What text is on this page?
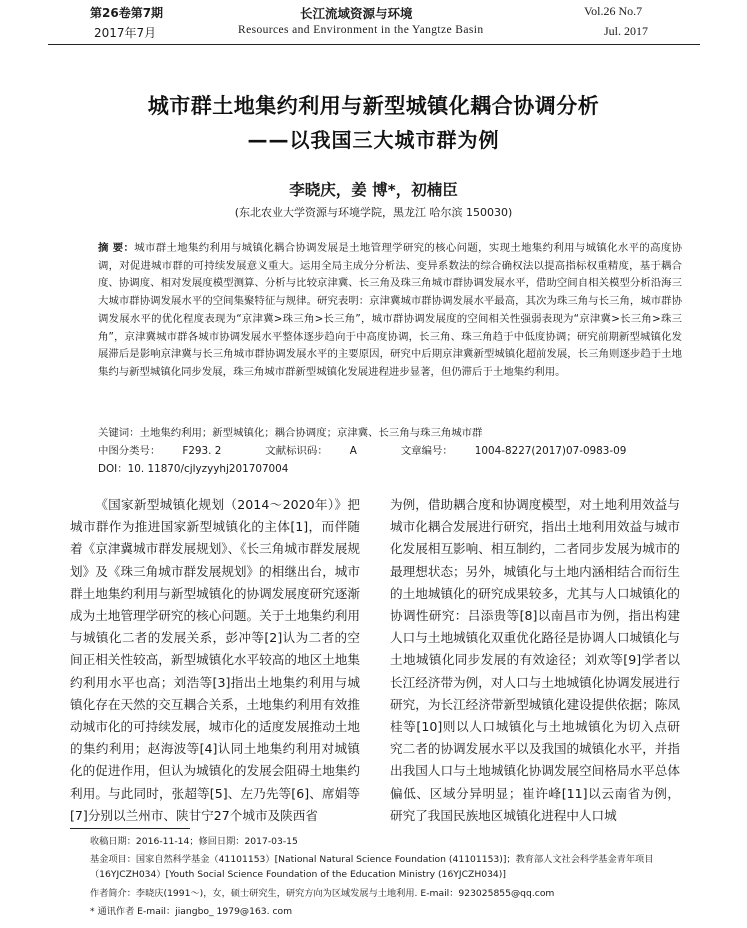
第26卷第7期
2017年7月
长江流域资源与环境
Resources and Environment in the Yangtze Basin
Vol.26 No.7
Jul. 2017
城市群土地集约利用与新型城镇化耦合协调分析
——以我国三大城市群为例
李晓庆，姜 博*，初楠臣
(东北农业大学资源与环境学院，黑龙江 哈尔滨 150030)
摘 要：城市群土地集约利用与城镇化耦合协调发展是土地管理学研究的核心问题，实现土地集约利用与城镇化水平的高度协调，对促进城市群的可持续发展意义重大。运用全局主成分分析法、变异系数法的综合确权法以提高指标权重精度，基于耦合度、协调度、相对发展度模型测算、分析与比较京津冀、长三角及珠三角城市群协调发展水平，借助空间自相关模型分析沿海三大城市群协调发展水平的空间集聚特征与规律。研究表明：京津冀城市群协调发展水平最高，其次为珠三角与长三角，城市群协调发展水平的优化程度表现为“京津冀>珠三角>长三角”，城市群协调发展度的空间相关性强弱表现为“京津冀>长三角>珠三角”，京津冀城市群各城市协调发展水平整体逐步趋向于中高度协调，长三角、珠三角趋于中低度协调；研究前期新型城镇化发展滞后是影响京津冀与长三角城市群协调发展水平的主要原因，研究中后期京津冀新型城镇化超前发展，长三角则逐步趋于土地集约与新型城镇化同步发展，珠三角城市群新型城镇化发展进程进步显著，但仍滞后于土地集约利用。
关键词：土地集约利用；新型城镇化；耦合协调度；京津冀、长三角与珠三角城市群
中图分类号： F293. 2	文献标识码： A	文章编号： 1004-8227(2017)07-0983-09
DOI：10. 11870/cjlyzyyhj201707004

《国家新型城镇化规划（2014～2020年）》把城市群作为推进国家新型城镇化的主体[1]，而伴随着《京津冀城市群发展规划》、《长三角城市群发展规划》及《珠三角城市群发展规划》的相继出台，城市群土地集约利用与新型城镇化的协调发展度研究逐渐成为土地管理学研究的核心问题。关于土地集约利用与城镇化二者的发展关系，彭冲等[2]认为二者的空间正相关性较高，新型城镇化水平较高的地区土地集约利用水平也高；刘浩等[3]指出土地集约利用与城镇化存在天然的交互耦合关系，土地集约利用有效推动城市化的可持续发展，城市化的适度发展推动土地的集约利用；赵海波等[4]认同土地集约利用对城镇化的促进作用，但认为城镇化的发展会阻碍土地集约利用。与此同时，张超等[5]、左乃先等[6]、席娟等[7]分别以兰州市、陕甘宁27个城市及陕西省

为例，借助耦合度和协调度模型，对土地利用效益与城市化耦合发展进行研究，指出土地利用效益与城市化发展相互影响、相互制约，二者同步发展为城市的最理想状态；另外，城镇化与土地内涵相结合而衍生的土地城镇化的研究成果较多，尤其与人口城镇化的协调性研究：吕添贵等[8]以南昌市为例，指出构建人口与土地城镇化双重优化路径是协调人口城镇化与土地城镇化同步发展的有效途径；刘欢等[9]学者以长江经济带为例，对人口与土地城镇化协调发展进行研究，为长江经济带新型城镇化建设提供依据；陈凤桂等[10]则以人口城镇化与土地城镇化为切入点研究二者的协调发展水平以及我国的城镇化水平，并指出我国人口与土地城镇化协调发展空间格局水平总体偏低、区域分异明显；崔许峰[11]以云南省为例，研究了我国民族地区城镇化进程中人口城

收稿日期：2016-11-14；修回日期：2017-03-15
基金项目：国家自然科学基金（41101153）[National Natural Science Foundation (41101153)]；教育部人文社会科学基金青年项目（16YJCZH034）[Youth Social Science Foundation of the Education Ministry (16YJCZH034)]
作者简介：李晓庆(1991～)，女，硕士研究生，研究方向为区域发展与土地利用. E-mail：923025855@qq.com
* 通讯作者 E-mail：jiangbo_ 1979@163. com
